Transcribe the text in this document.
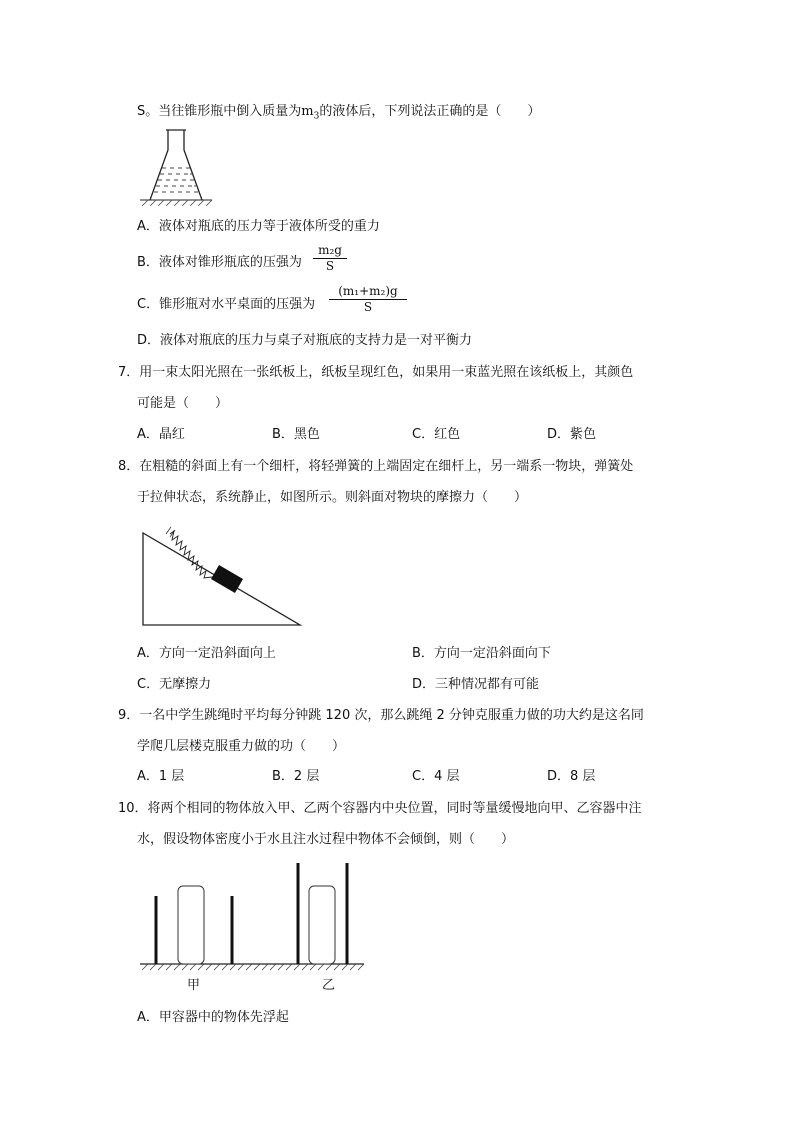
S。当往锥形瓶中倒入质量为$m_3$的液体后，下列说法正确的是（　　）
A．液体对瓶底的压力等于液体所受的重力
B．液体对锥形瓶底的压强为
m₂g
S
C．锥形瓶对水平桌面的压强为
(m₁+m₂)g
S
D．液体对瓶底的压力与桌子对瓶底的支持力是一对平衡力
7．用一束太阳光照在一张纸板上，纸板呈现红色，如果用一束蓝光照在该纸板上，其颜色
可能是（　　）
A．晶红	B．黑色	C．红色	D．紫色
8．在粗糙的斜面上有一个细杆，将轻弹簧的上端固定在细杆上，另一端系一物块，弹簧处
于拉伸状态，系统静止，如图所示。则斜面对物块的摩擦力（　　）
A．方向一定沿斜面向上	B．方向一定沿斜面向下
C．无摩擦力	D．三种情况都有可能
9．一名中学生跳绳时平均每分钟跳 120 次，那么跳绳 2 分钟克服重力做的功大约是这名同
学爬几层楼克服重力做的功（　　）
A．1 层	B．2 层	C．4 层	D．8 层
10．将两个相同的物体放入甲、乙两个容器内中央位置，同时等量缓慢地向甲、乙容器中注
水，假设物体密度小于水且注水过程中物体不会倾倒，则（　　）
甲	乙
A．甲容器中的物体先浮起
